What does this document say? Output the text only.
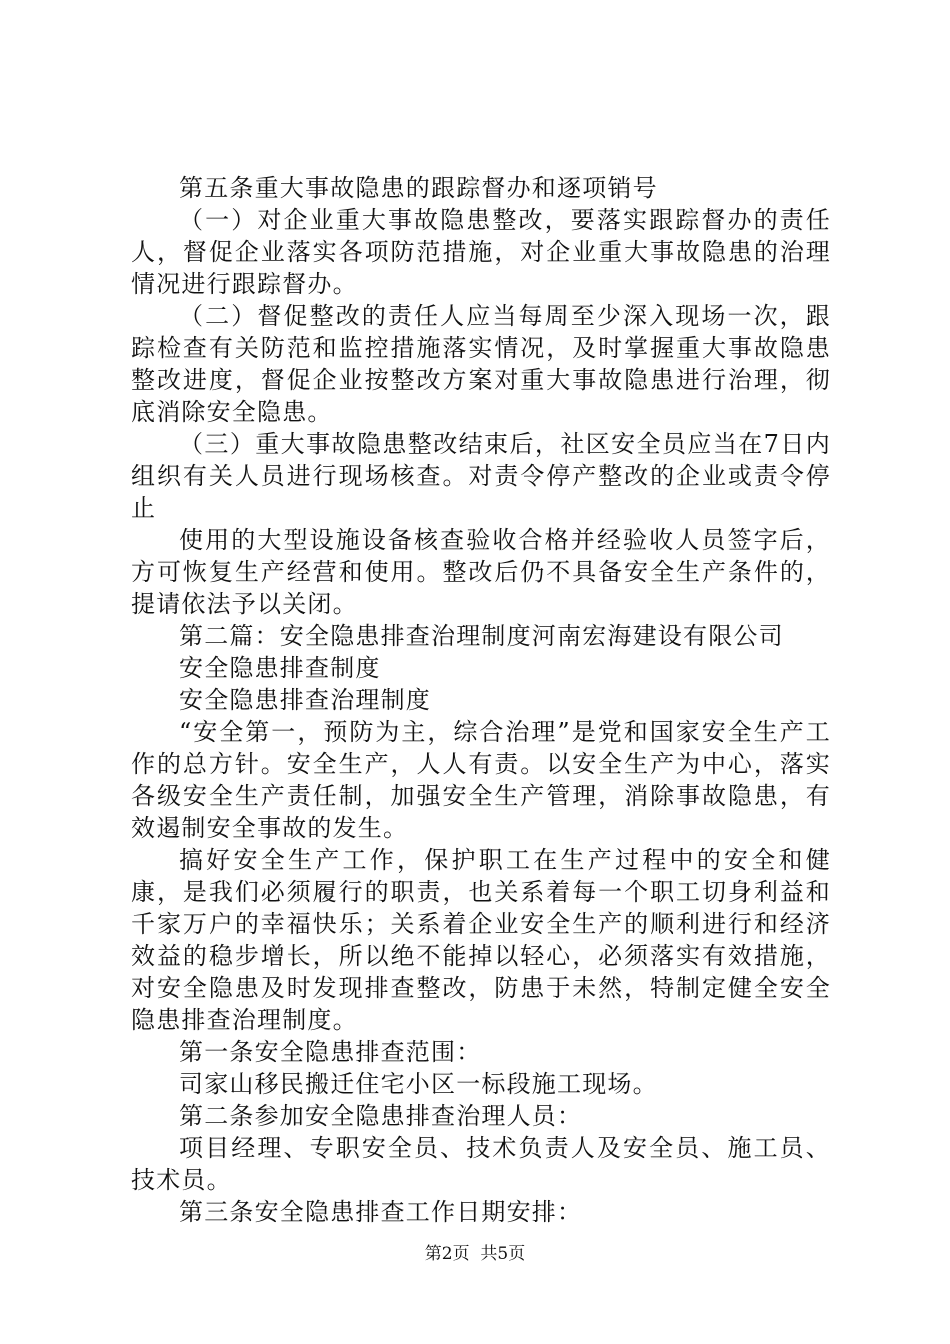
第五条重大事故隐患的跟踪督办和逐项销号

（一）对企业重大事故隐患整改，要落实跟踪督办的责任人，督促企业落实各项防范措施，对企业重大事故隐患的治理情况进行跟踪督办。

（二）督促整改的责任人应当每周至少深入现场一次，跟踪检查有关防范和监控措施落实情况，及时掌握重大事故隐患整改进度，督促企业按整改方案对重大事故隐患进行治理，彻底消除安全隐患。

（三）重大事故隐患整改结束后，社区安全员应当在7日内组织有关人员进行现场核查。对责令停产整改的企业或责令停止

使用的大型设施设备核查验收合格并经验收人员签字后，方可恢复生产经营和使用。整改后仍不具备安全生产条件的，提请依法予以关闭。

第二篇：安全隐患排查治理制度河南宏海建设有限公司

安全隐患排查制度

安全隐患排查治理制度

“安全第一，预防为主，综合治理”是党和国家安全生产工作的总方针。安全生产，人人有责。以安全生产为中心，落实各级安全生产责任制，加强安全生产管理，消除事故隐患，有效遏制安全事故的发生。

搞好安全生产工作，保护职工在生产过程中的安全和健康，是我们必须履行的职责，也关系着每一个职工切身利益和千家万户的幸福快乐；关系着企业安全生产的顺利进行和经济效益的稳步增长，所以绝不能掉以轻心，必须落实有效措施，对安全隐患及时发现排查整改，防患于未然，特制定健全安全隐患排查治理制度。

第一条安全隐患排查范围：

司家山移民搬迁住宅小区一标段施工现场。

第二条参加安全隐患排查治理人员：

项目经理、专职安全员、技术负责人及安全员、施工员、技术员。

第三条安全隐患排查工作日期安排：

第2页  共5页
